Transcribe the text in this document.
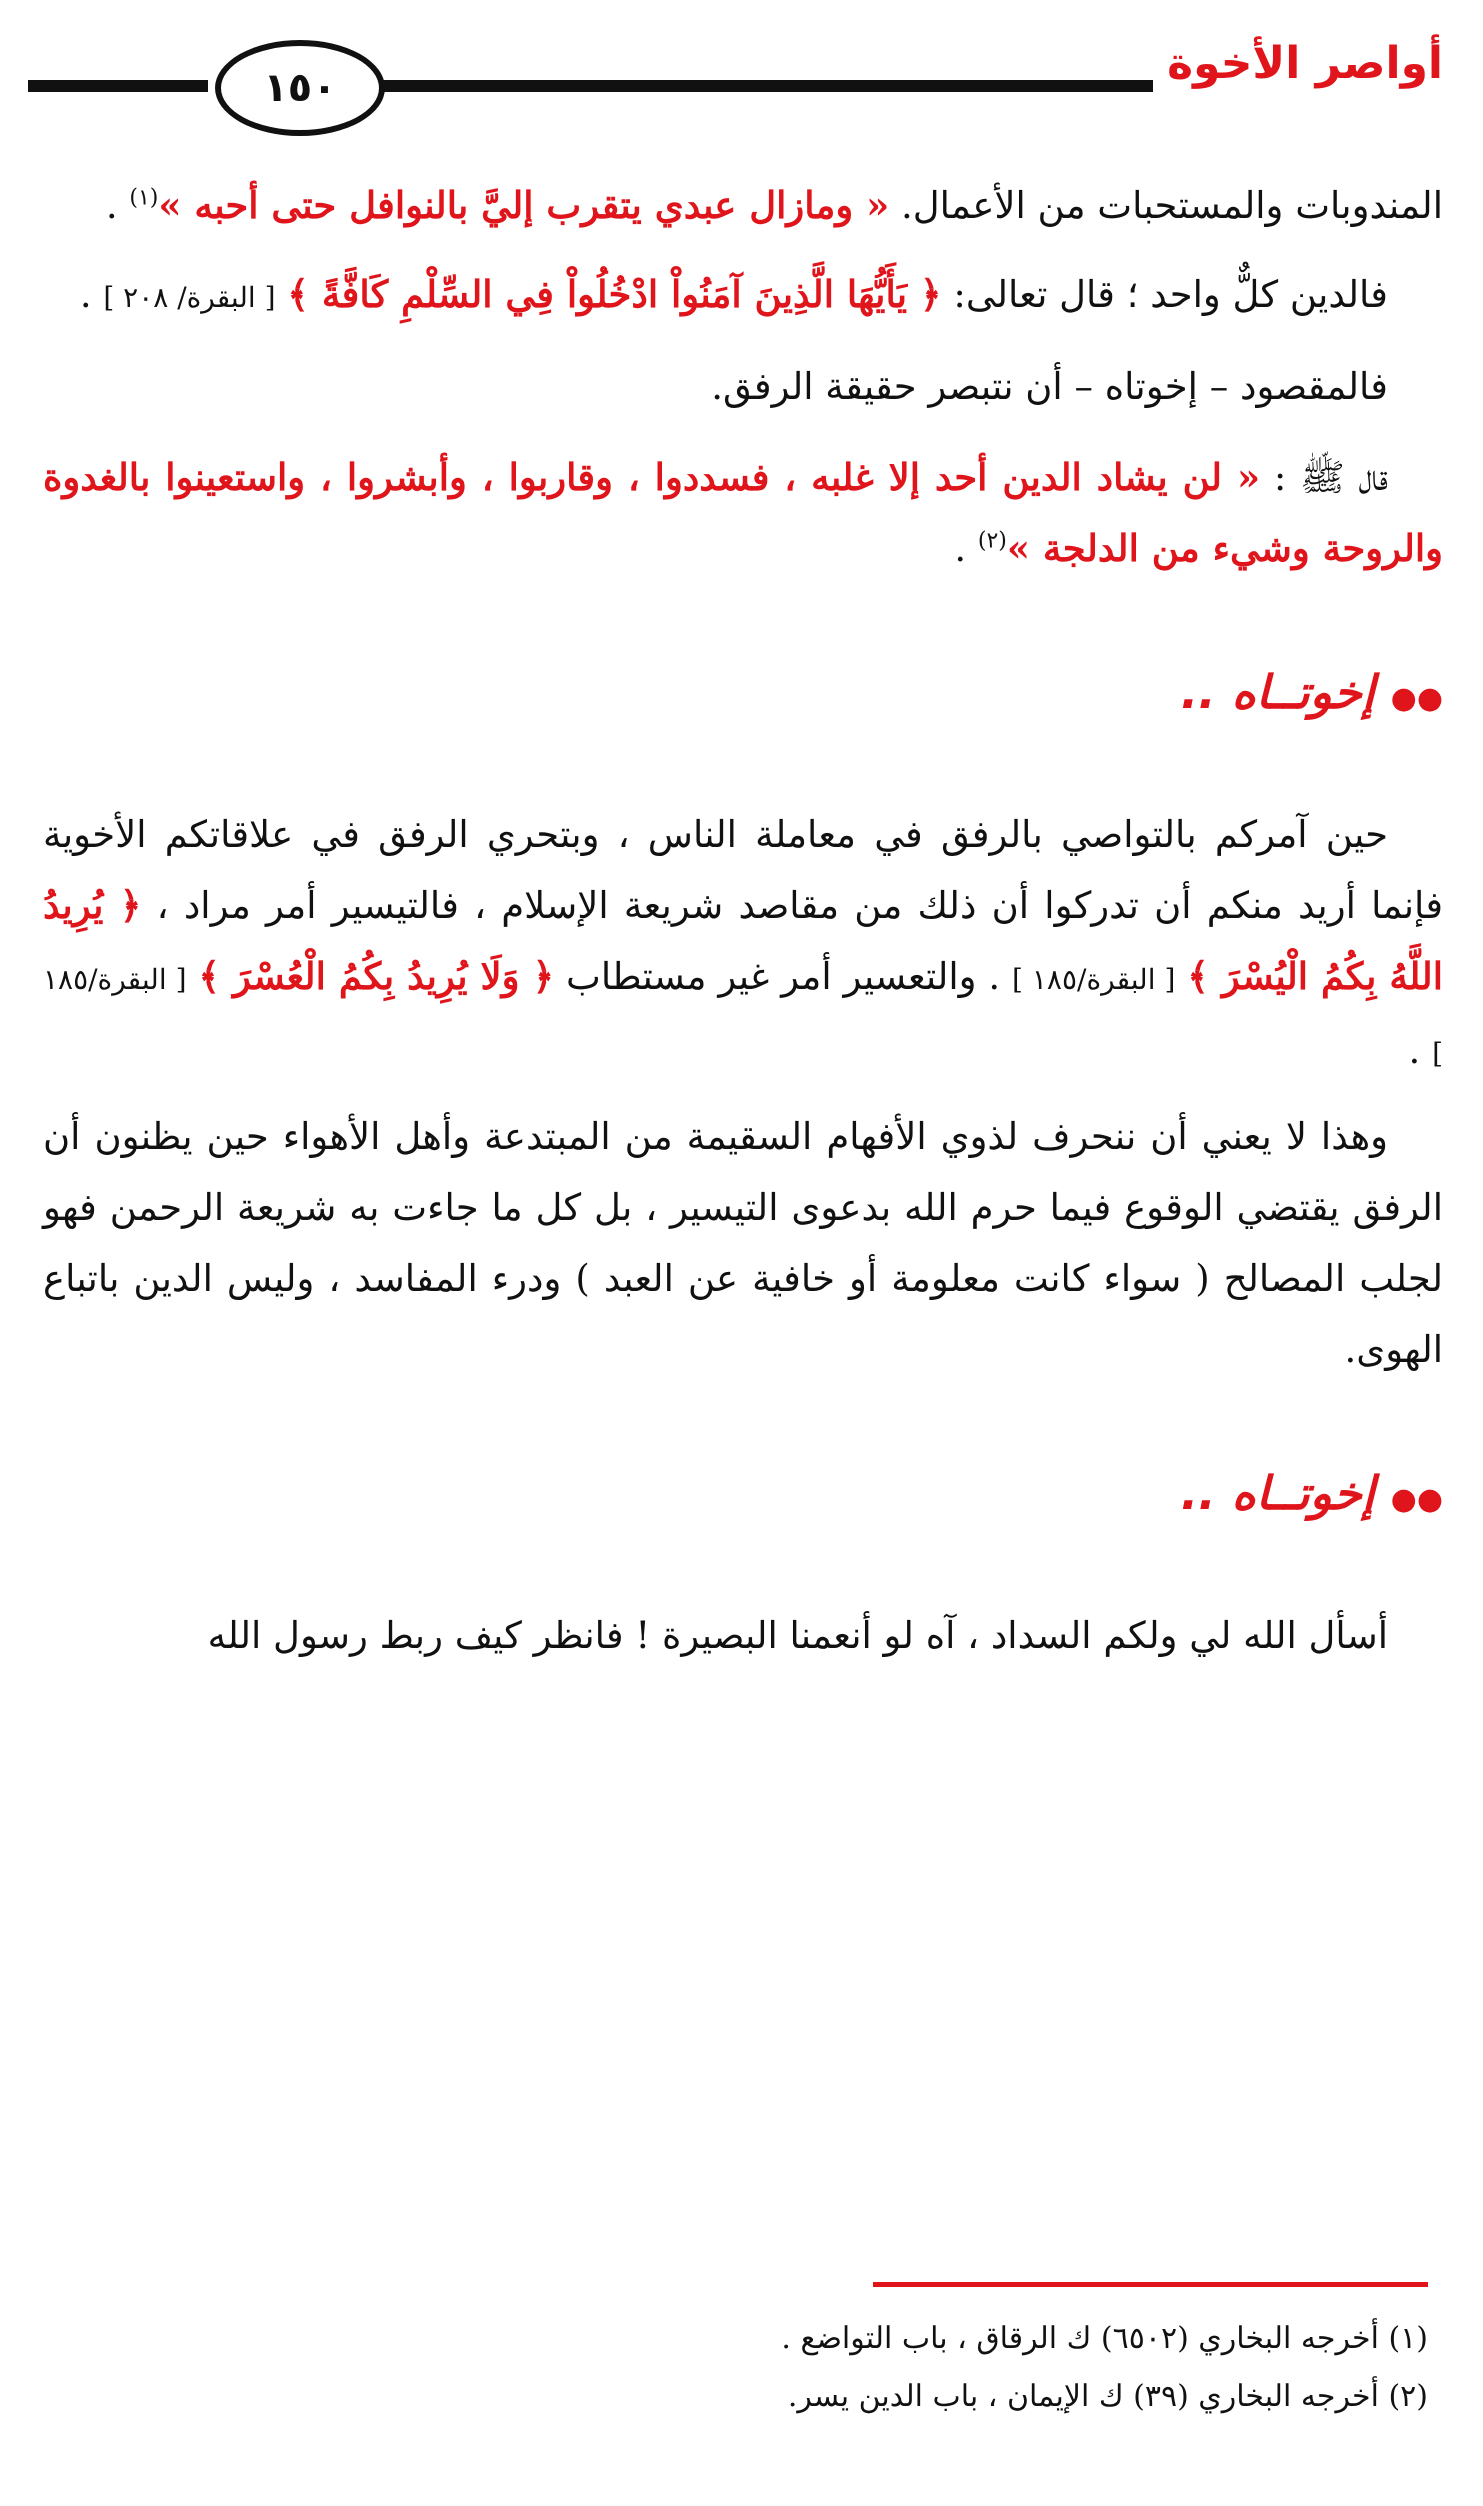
أواصر الأخوة
١٥٠

المندوبات والمستحبات من الأعمال. « ومازال عبدي يتقرب إليَّ بالنوافل حتى أحبه »$^{(١)}$ .

فالدين كلٌّ واحد ؛ قال تعالى: ﴿ يَأَيُّهَا الَّذِينَ آمَنُواْ ادْخُلُواْ فِي السِّلْمِ كَافَّةً ﴾ [ البقرة/ ٢٠٨ ] .

فالمقصود – إخوتاه – أن نتبصر حقيقة الرفق.

قال ﷺ : « لن يشاد الدين أحد إلا غلبه ، فسددوا ، وقاربوا ، وأبشروا ، واستعينوا بالغدوة والروحة وشيء من الدلجة »$^{(٢)}$ .

●● إخوتــاه ..

حين آمركم بالتواصي بالرفق في معاملة الناس ، وبتحري الرفق في علاقاتكم الأخوية فإنما أريد منكم أن تدركوا أن ذلك من مقاصد شريعة الإسلام ، فالتيسير أمر مراد ، ﴿ يُرِيدُ اللَّهُ بِكُمُ الْيُسْرَ ﴾ [ البقرة/١٨٥ ] . والتعسير أمر غير مستطاب ﴿ وَلَا يُرِيدُ بِكُمُ الْعُسْرَ ﴾ [ البقرة/١٨٥ ] .

وهذا لا يعني أن ننحرف لذوي الأفهام السقيمة من المبتدعة وأهل الأهواء حين يظنون أن الرفق يقتضي الوقوع فيما حرم الله بدعوى التيسير ، بل كل ما جاءت به شريعة الرحمن فهو لجلب المصالح ( سواء كانت معلومة أو خافية عن العبد ) ودرء المفاسد ، وليس الدين باتباع الهوى.

●● إخوتــاه ..

أسأل الله لي ولكم السداد ، آه لو أنعمنا البصيرة ! فانظر كيف ربط رسول الله

(١) أخرجه البخاري (٦٥٠٢) ك الرقاق ، باب التواضع .
(٢) أخرجه البخاري (٣٩) ك الإيمان ، باب الدين يسر.
